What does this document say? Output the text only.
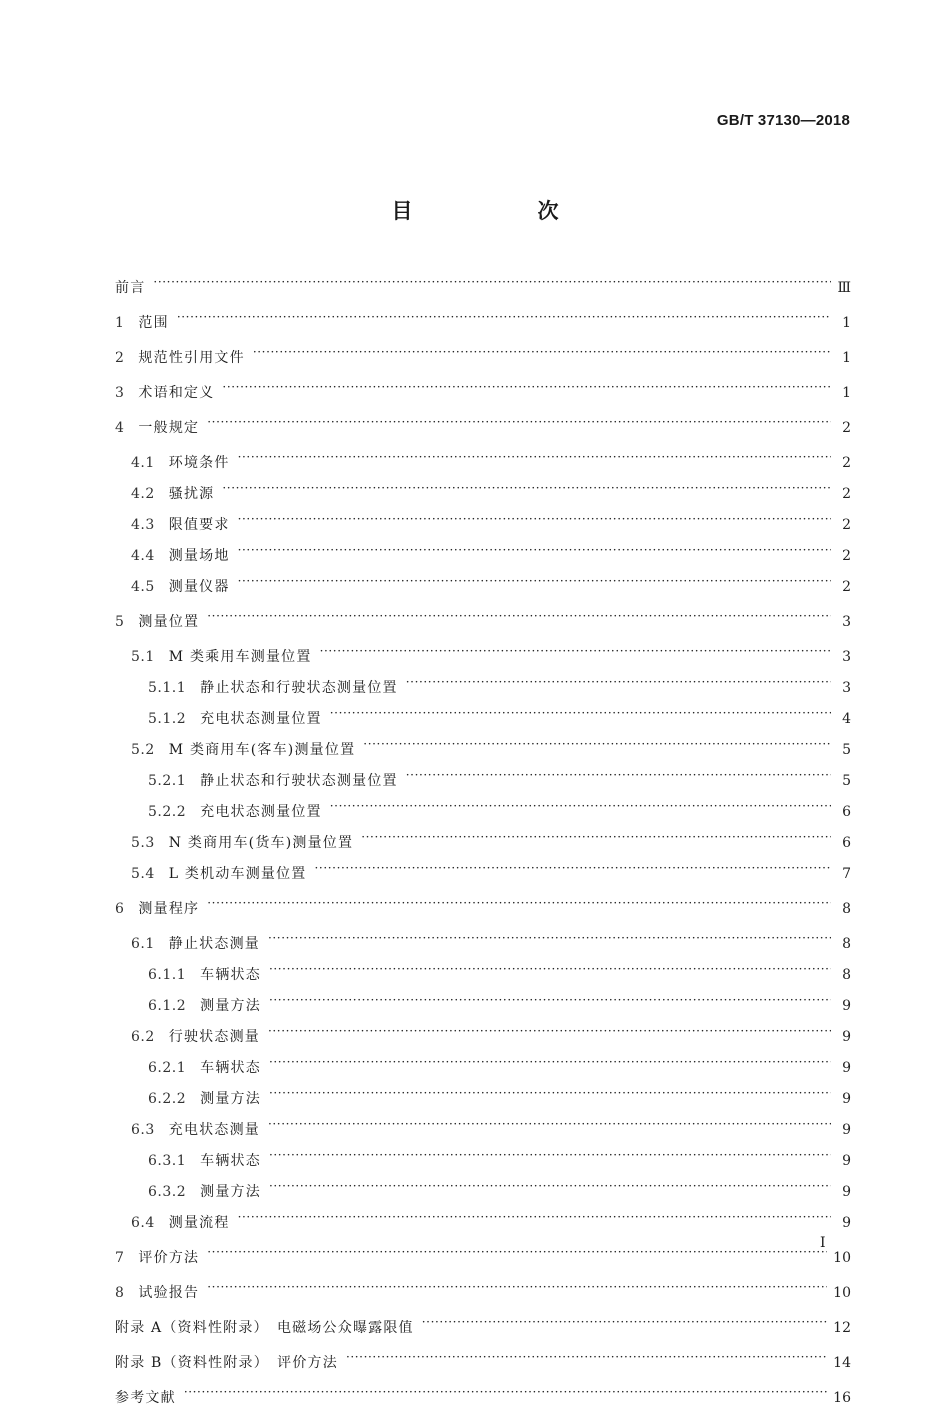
GB/T 37130—2018
目　次
前言 ·····	Ⅲ
1 范围 ·····	1
2 规范性引用文件 ·····	1
3 术语和定义 ·····	1
4 一般规定 ·····	2
4.1 环境条件 ·····	2
4.2 骚扰源 ·····	2
4.3 限值要求 ·····	2
4.4 测量场地 ·····	2
4.5 测量仪器 ·····	2
5 测量位置 ·····	3
5.1 M 类乘用车测量位置 ·····	3
5.1.1 静止状态和行驶状态测量位置 ·····	3
5.1.2 充电状态测量位置 ·····	4
5.2 M 类商用车(客车)测量位置 ·····	5
5.2.1 静止状态和行驶状态测量位置 ·····	5
5.2.2 充电状态测量位置 ·····	6
5.3 N 类商用车(货车)测量位置 ·····	6
5.4 L 类机动车测量位置 ·····	7
6 测量程序 ·····	8
6.1 静止状态测量 ·····	8
6.1.1 车辆状态 ·····	8
6.1.2 测量方法 ·····	9
6.2 行驶状态测量 ·····	9
6.2.1 车辆状态 ·····	9
6.2.2 测量方法 ·····	9
6.3 充电状态测量 ·····	9
6.3.1 车辆状态 ·····	9
6.3.2 测量方法 ·····	9
6.4 测量流程 ·····	9
7 评价方法 ·····	10
8 试验报告 ·····	10
附录 A（资料性附录）　电磁场公众曝露限值 ·····	12
附录 B（资料性附录）　评价方法 ·····	14
参考文献 ·····	16
I
